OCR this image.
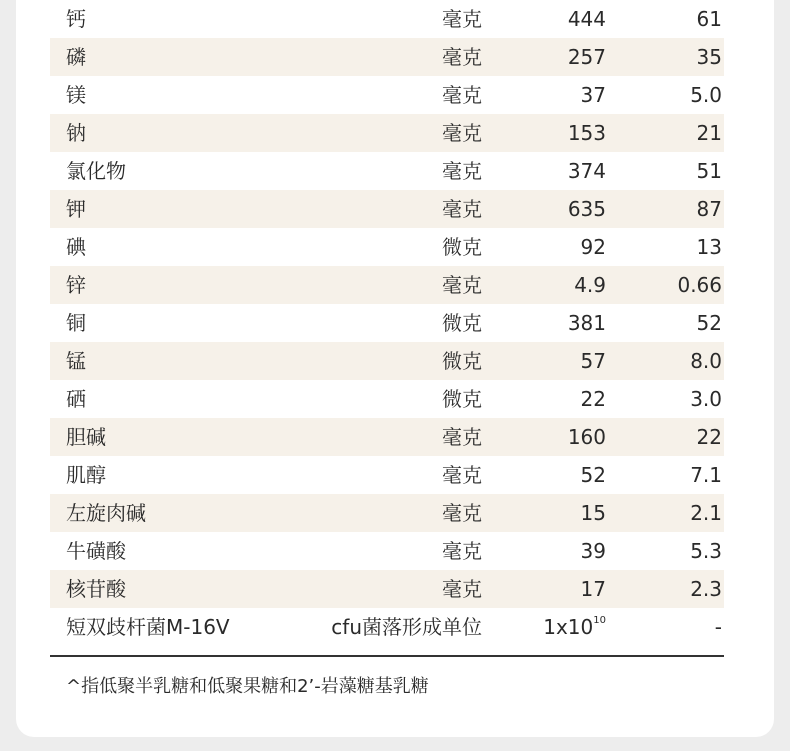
钙	毫克	444	61
磷	毫克	257	35
镁	毫克	37	5.0
钠	毫克	153	21
氯化物	毫克	374	51
钾	毫克	635	87
碘	微克	92	13
锌	毫克	4.9	0.66
铜	微克	381	52
锰	微克	57	8.0
硒	微克	22	3.0
胆碱	毫克	160	22
肌醇	毫克	52	7.1
左旋肉碱	毫克	15	2.1
牛磺酸	毫克	39	5.3
核苷酸	毫克	17	2.3
短双歧杆菌M-16V	cfu菌落形成单位	$1x10^{10}$	-
^指低聚半乳糖和低聚果糖和2’-岩藻糖基乳糖
